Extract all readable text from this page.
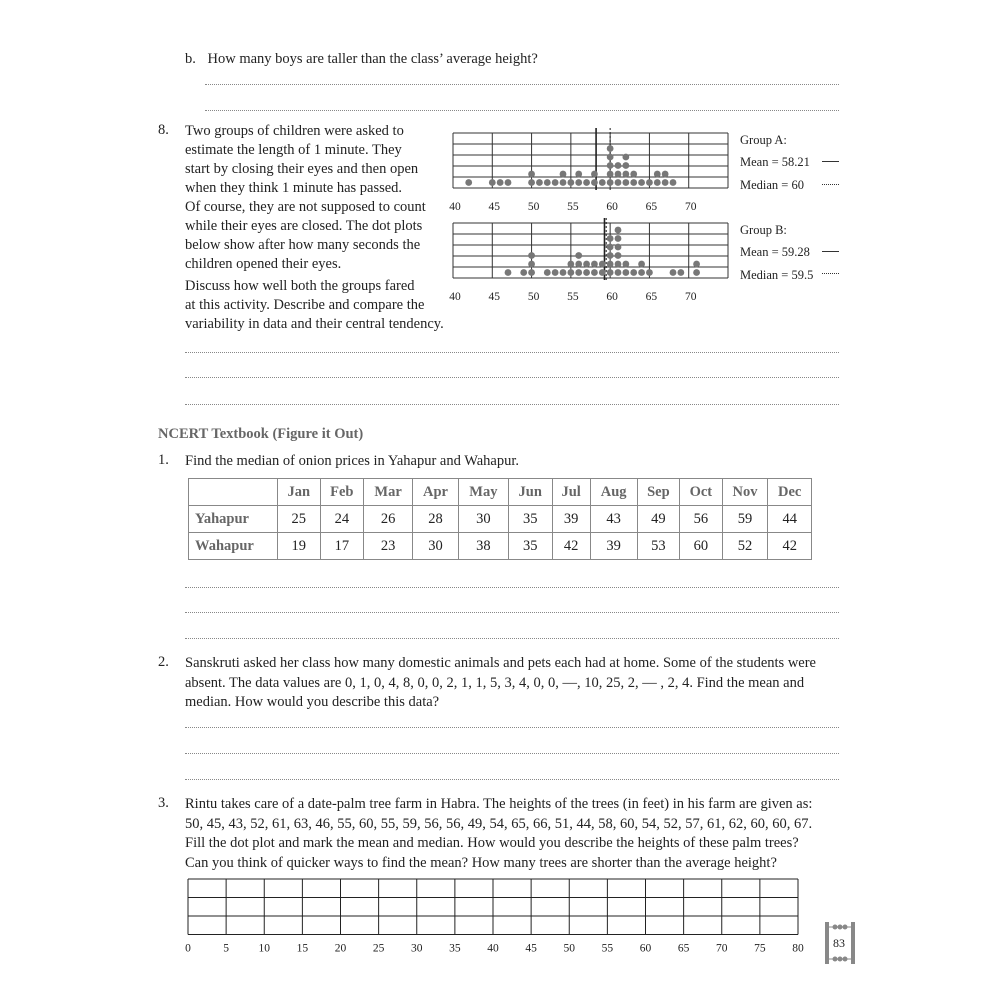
b. How many boys are taller than the class’ average height?
8. Two groups of children were asked to
estimate the length of 1 minute. They
start by closing their eyes and then open
when they think 1 minute has passed.
Of course, they are not supposed to count
while their eyes are closed. The dot plots
below show after how many seconds the
children opened their eyes.
Discuss how well both the groups fared
at this activity. Describe and compare the
variability in data and their central tendency.
40 45 50 55 60 65 70
Group A:
Mean = 58.21
Median = 60
40 45 50 55 60 65 70
Group B:
Mean = 59.28
Median = 59.5
NCERT Textbook (Figure it Out)
1. Find the median of onion prices in Yahapur and Wahapur.
	Jan	Feb	Mar	Apr	May	Jun	Jul	Aug	Sep	Oct	Nov	Dec
Yahapur	25	24	26	28	30	35	39	43	49	56	59	44
Wahapur	19	17	23	30	38	35	42	39	53	60	52	42
2. Sanskruti asked her class how many domestic animals and pets each had at home. Some of the students were
absent. The data values are 0, 1, 0, 4, 8, 0, 0, 2, 1, 1, 5, 3, 4, 0, 0, —, 10, 25, 2, — , 2, 4. Find the mean and
median. How would you describe this data?
3. Rintu takes care of a date-palm tree farm in Habra. The heights of the trees (in feet) in his farm are given as:
50, 45, 43, 52, 61, 63, 46, 55, 60, 55, 59, 56, 56, 49, 54, 65, 66, 51, 44, 58, 60, 54, 52, 57, 61, 62, 60, 60, 67.
Fill the dot plot and mark the mean and median. How would you describe the heights of these palm trees?
Can you think of quicker ways to find the mean? How many trees are shorter than the average height?
0	5	10 15 20 25 30 35 40 45 50 55 60 65 70 75 80 83
